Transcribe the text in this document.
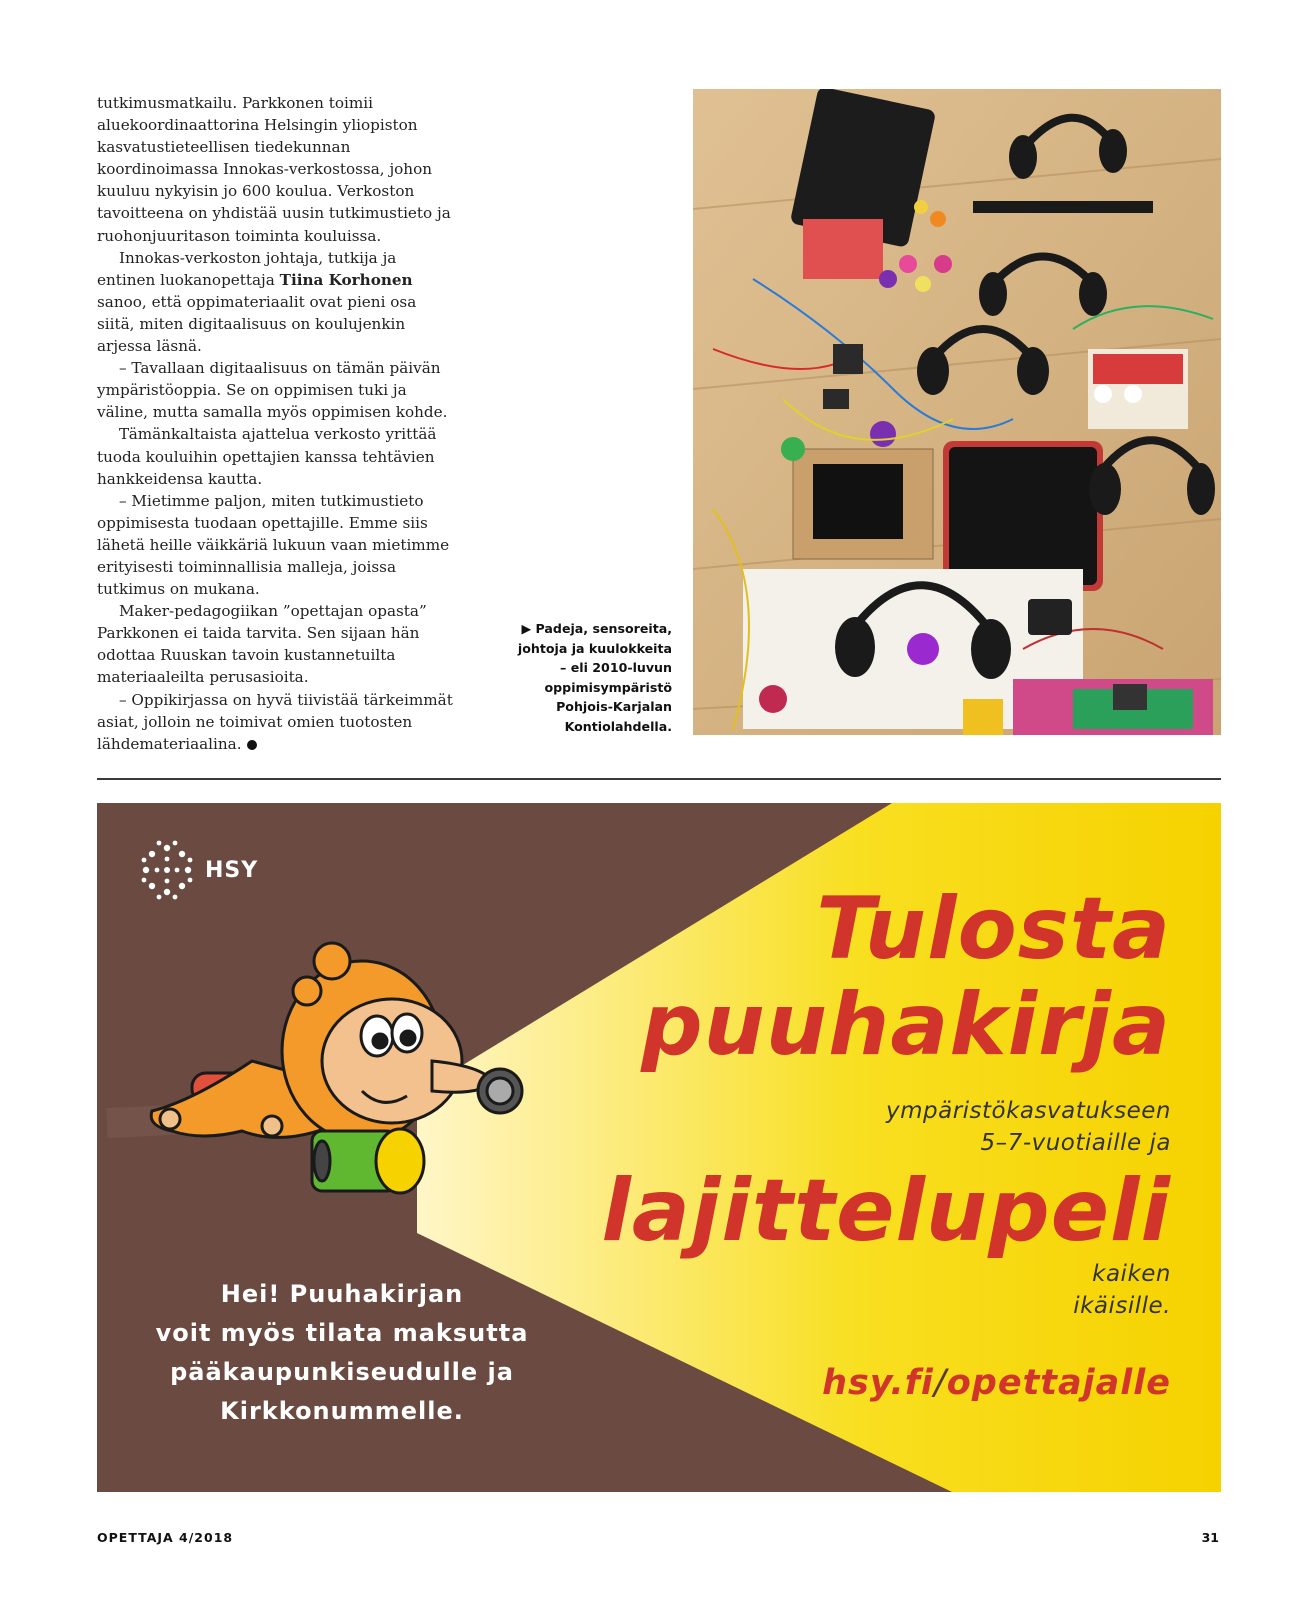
tutkimusmatkailu. Parkkonen toimii aluekoordinaattorina Helsingin yliopiston kasvatustieteellisen tiedekunnan koordinoimassa Innokas-verkostossa, johon kuuluu nykyisin jo 600 koulua. Verkoston tavoitteena on yhdistää uusin tutkimustieto ja ruohonjuuritason toiminta kouluissa.

Innokas-verkoston johtaja, tutkija ja entinen luokanopettaja Tiina Korhonen sanoo, että oppimateriaalit ovat pieni osa siitä, miten digitaalisuus on koulujenkin arjessa läsnä.

– Tavallaan digitaalisuus on tämän päivän ympäristöoppia. Se on oppimisen tuki ja väline, mutta samalla myös oppimisen kohde.

Tämänkaltaista ajattelua verkosto yrittää tuoda kouluihin opettajien kanssa tehtävien hankkeidensa kautta.

– Mietimme paljon, miten tutkimustieto oppimisesta tuodaan opettajille. Emme siis lähetä heille väikkäriä lukuun vaan mietimme erityisesti toiminnallisia malleja, joissa tutkimus on mukana.

Maker-pedagogiikan ”opettajan opasta” Parkkonen ei taida tarvita. Sen sijaan hän odottaa Ruuskan tavoin kustannetuilta materiaaleilta perusasioita.

– Oppikirjassa on hyvä tiivistää tärkeimmät asiat, jolloin ne toimivat omien tuotosten lähdemateriaalina.

▶ Padeja, sensoreita,
johtoja ja kuulokkeita
– eli 2010-luvun
oppimisympäristö
Pohjois-Karjalan
Kontiolahdella.
HSY
Tulosta
puuhakirja
ympäristökasvatukseen
5–7-vuotiaille ja
lajittelupeli
kaiken
ikäisille.
hsy.fi/opettajalle
Hei! Puuhakirjan
voit myös tilata maksutta
pääkaupunkiseudulle ja
Kirkkonummelle.
OPETTAJA 4/2018	31
